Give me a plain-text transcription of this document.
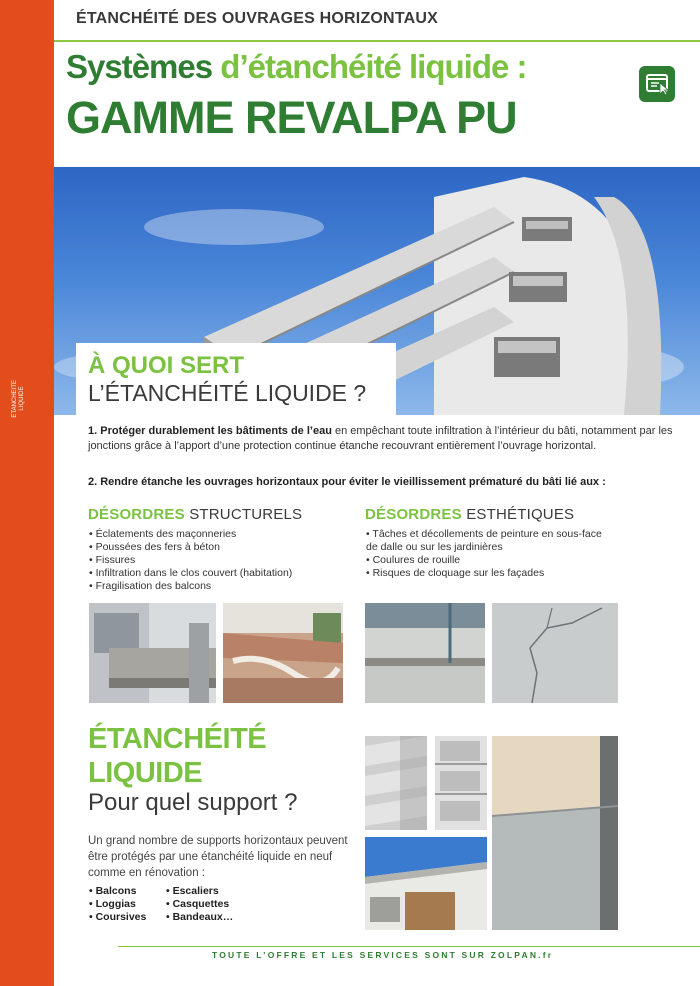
ÉTANCHÉITÉ LIQUIDE
ÉTANCHÉITÉ DES OUVRAGES HORIZONTAUX
Systèmes d’étanchéité liquide :
GAMME REVALPA PU
À QUOI SERT
L’ÉTANCHÉITÉ LIQUIDE ?
1. Protéger durablement les bâtiments de l’eau en empêchant toute infiltration à l’intérieur du bâti, notamment par les jonctions grâce à l’apport d’une protection continue étanche recouvrant entièrement l’ouvrage horizontal.
2. Rendre étanche les ouvrages horizontaux pour éviter le vieillissement prématuré du bâti lié aux :
DÉSORDRES STRUCTURELS
• Éclatements des maçonneries
• Poussées des fers à béton
• Fissures
• Infiltration dans le clos couvert (habitation)
• Fragilisation des balcons
DÉSORDRES ESTHÉTIQUES
• Tâches et décollements de peinture en sous-face de dalle ou sur les jardinières
• Coulures de rouille
• Risques de cloquage sur les façades
ÉTANCHÉITÉ
LIQUIDE
Pour quel support ?
Un grand nombre de supports horizontaux peuvent être protégés par une étanchéité liquide en neuf comme en rénovation :
• Balcons
• Loggias
• Coursives
• Escaliers
• Casquettes
• Bandeaux…
TOUTE L’OFFRE ET LES SERVICES SONT SUR ZOLPAN.fr
